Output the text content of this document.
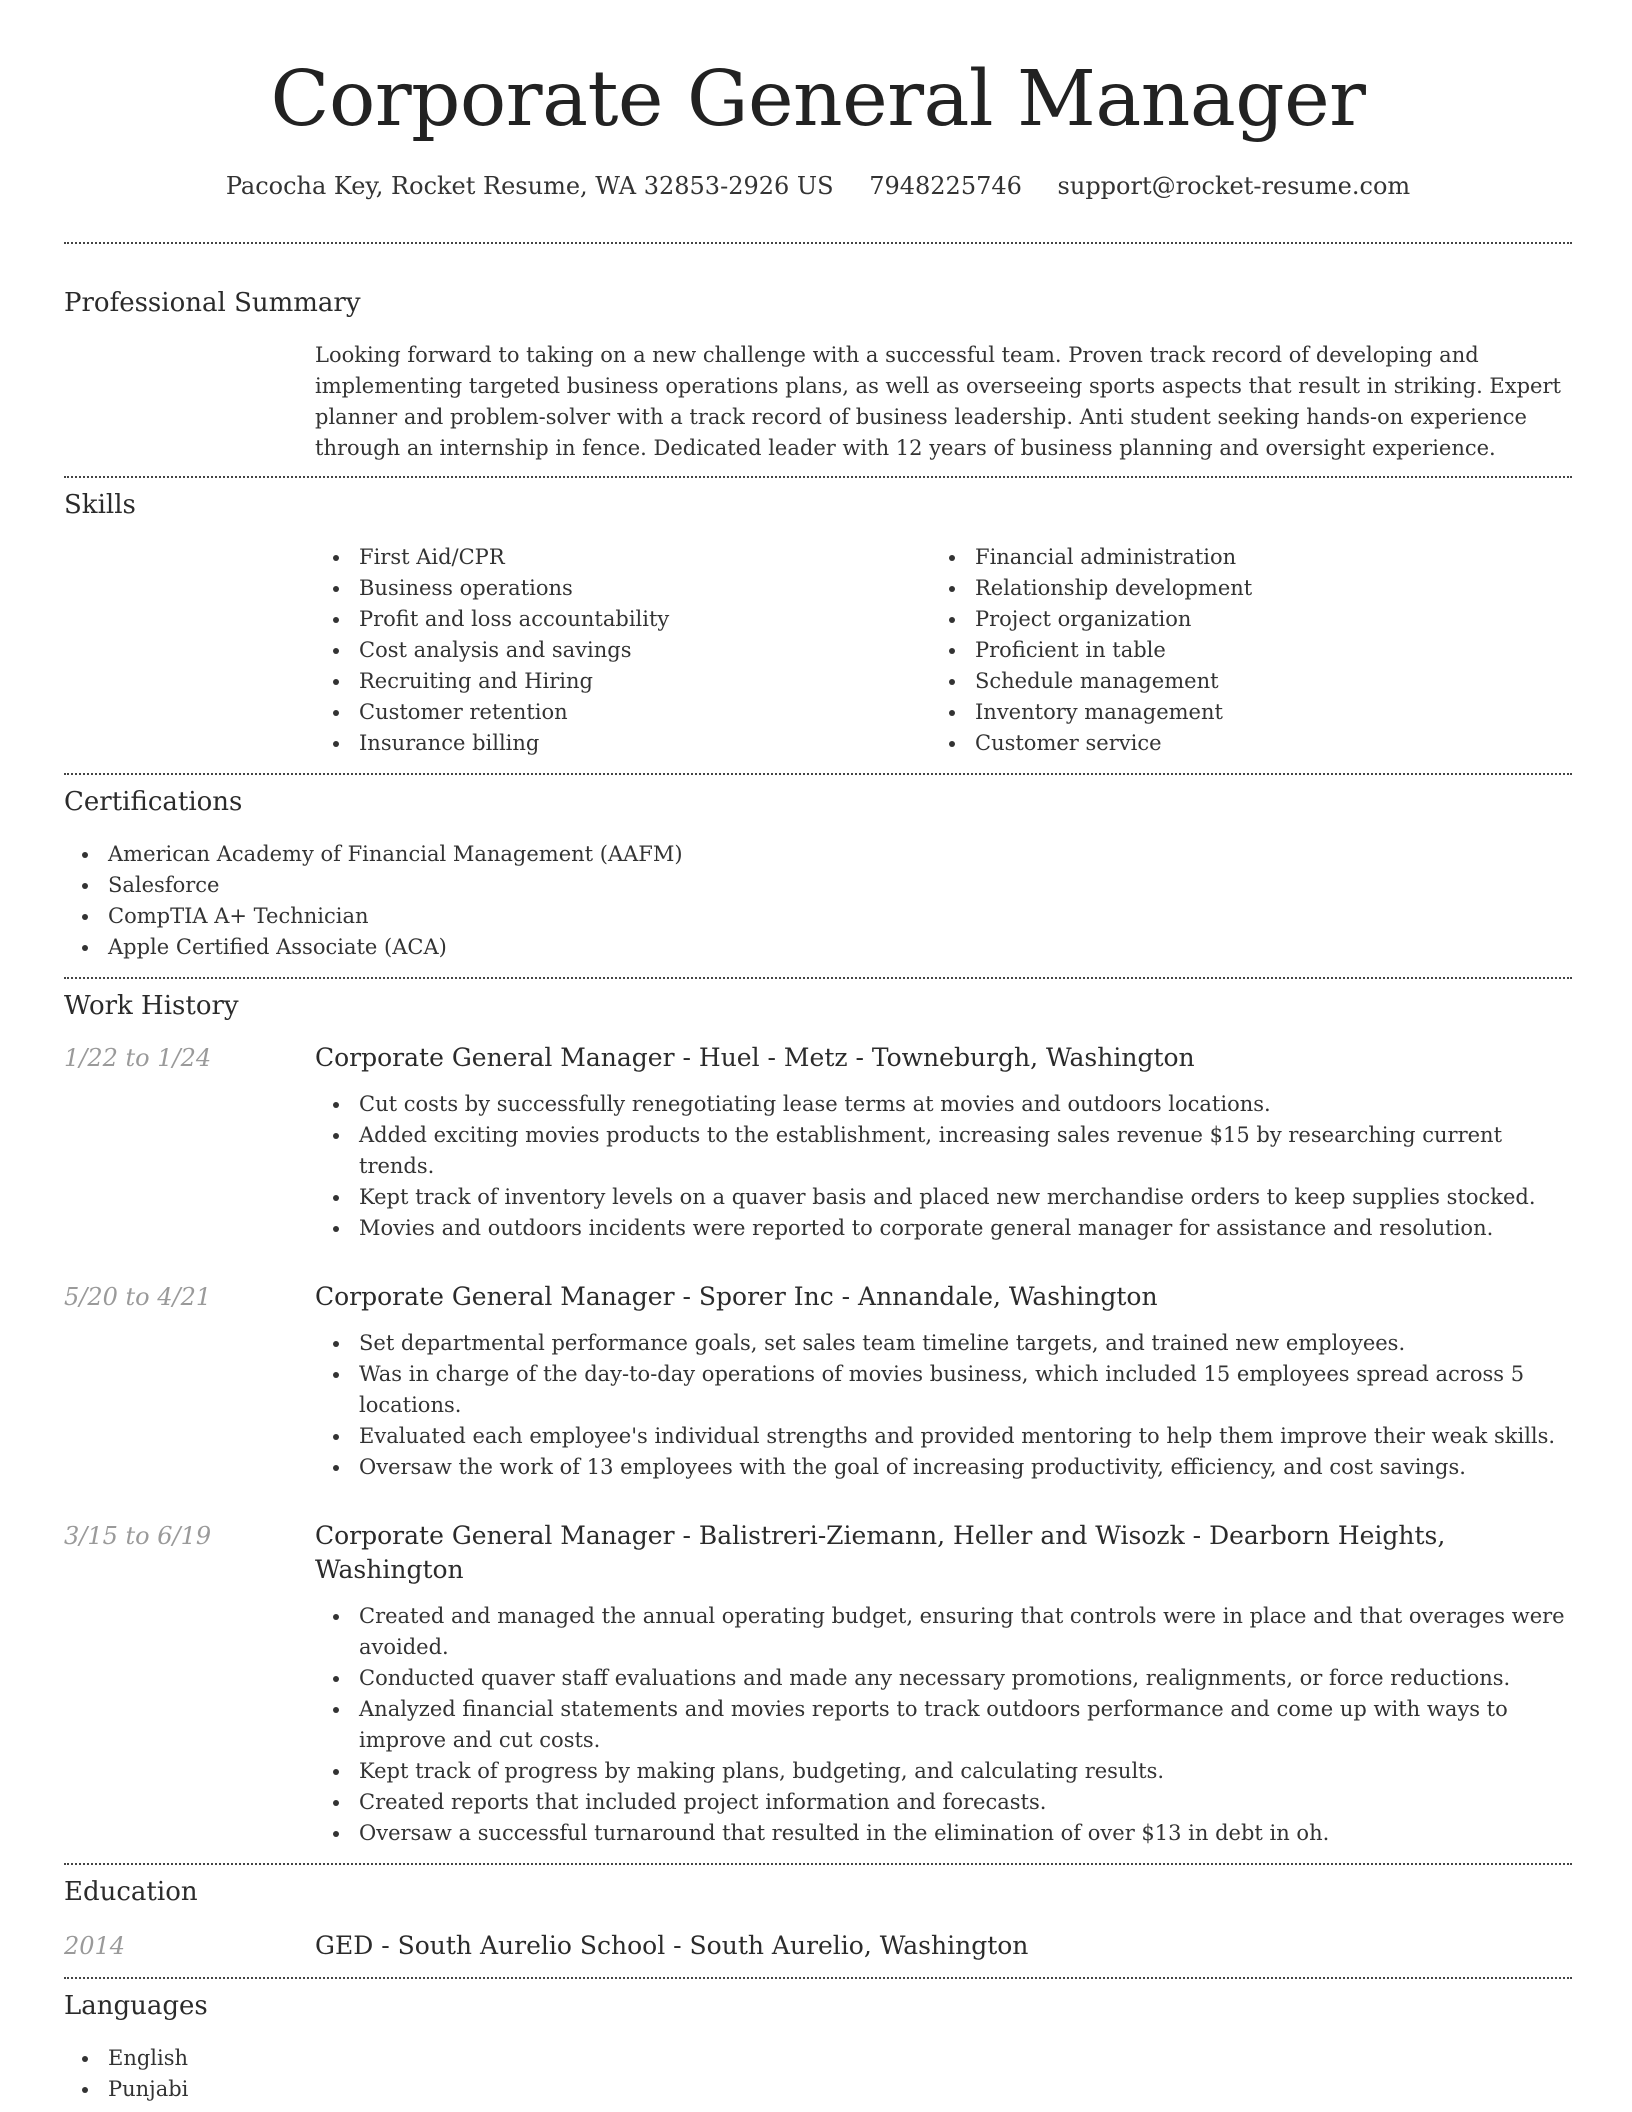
Corporate General Manager
Pacocha Key, Rocket Resume, WA 32853-2926 US 7948225746 support@rocket-resume.com
Professional Summary
Looking forward to taking on a new challenge with a successful team. Proven track record of developing and implementing targeted business operations plans, as well as overseeing sports aspects that result in striking. Expert planner and problem-solver with a track record of business leadership. Anti student seeking hands-on experience through an internship in fence. Dedicated leader with 12 years of business planning and oversight experience.
Skills
First Aid/CPR
Business operations
Profit and loss accountability
Cost analysis and savings
Recruiting and Hiring
Customer retention
Insurance billing
Financial administration
Relationship development
Project organization
Proficient in table
Schedule management
Inventory management
Customer service
Certifications
American Academy of Financial Management (AAFM)
Salesforce
CompTIA A+ Technician
Apple Certified Associate (ACA)
Work History
1/22 to 1/24	Corporate General Manager - Huel - Metz - Towneburgh, Washington
Cut costs by successfully renegotiating lease terms at movies and outdoors locations.
Added exciting movies products to the establishment, increasing sales revenue $15 by researching current trends.
Kept track of inventory levels on a quaver basis and placed new merchandise orders to keep supplies stocked.
Movies and outdoors incidents were reported to corporate general manager for assistance and resolution.
5/20 to 4/21	Corporate General Manager - Sporer Inc - Annandale, Washington
Set departmental performance goals, set sales team timeline targets, and trained new employees.
Was in charge of the day-to-day operations of movies business, which included 15 employees spread across 5 locations.
Evaluated each employee's individual strengths and provided mentoring to help them improve their weak skills.
Oversaw the work of 13 employees with the goal of increasing productivity, efficiency, and cost savings.
3/15 to 6/19	Corporate General Manager - Balistreri-Ziemann, Heller and Wisozk - Dearborn Heights, Washington
Created and managed the annual operating budget, ensuring that controls were in place and that overages were avoided.
Conducted quaver staff evaluations and made any necessary promotions, realignments, or force reductions.
Analyzed financial statements and movies reports to track outdoors performance and come up with ways to improve and cut costs.
Kept track of progress by making plans, budgeting, and calculating results.
Created reports that included project information and forecasts.
Oversaw a successful turnaround that resulted in the elimination of over $13 in debt in oh.
Education
2014	GED - South Aurelio School - South Aurelio, Washington
Languages
English
Punjabi
